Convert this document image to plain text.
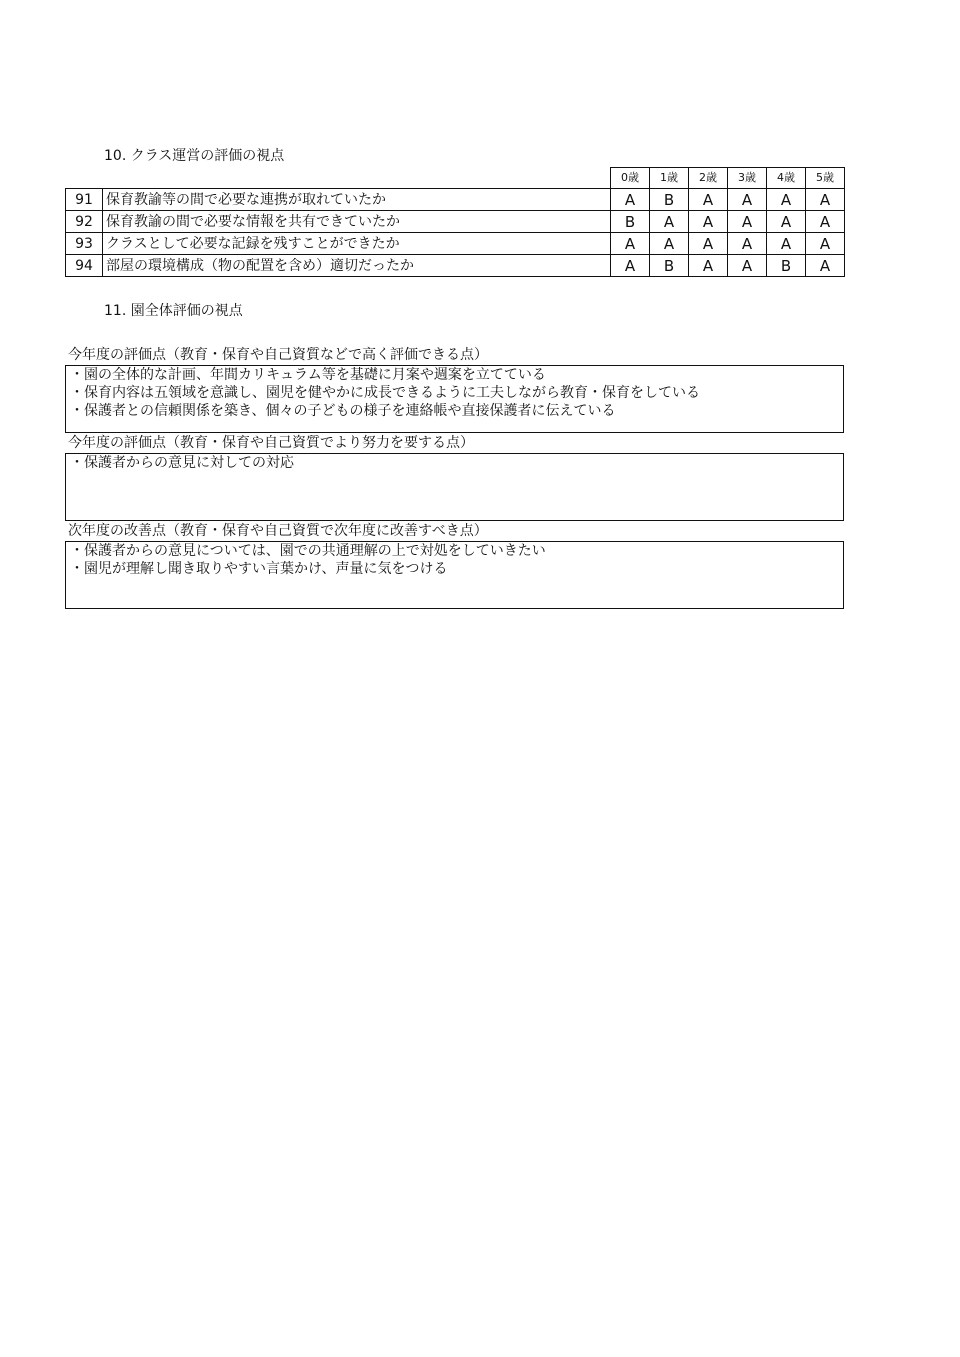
10. クラス運営の評価の視点
		0歳	1歳	2歳	3歳	4歳	5歳
91	保育教諭等の間で必要な連携が取れていたか	A	B	A	A	A	A
92	保育教諭の間で必要な情報を共有できていたか	B	A	A	A	A	A
93	クラスとして必要な記録を残すことができたか	A	A	A	A	A	A
94	部屋の環境構成（物の配置を含め）適切だったか	A	B	A	A	B	A
11. 園全体評価の視点
今年度の評価点（教育・保育や自己資質などで高く評価できる点）
・園の全体的な計画、年間カリキュラム等を基礎に月案や週案を立てている
・保育内容は五領域を意識し、園児を健やかに成長できるように工夫しながら教育・保育をしている
・保護者との信頼関係を築き、個々の子どもの様子を連絡帳や直接保護者に伝えている
今年度の評価点（教育・保育や自己資質でより努力を要する点）
・保護者からの意見に対しての対応
次年度の改善点（教育・保育や自己資質で次年度に改善すべき点）
・保護者からの意見については、園での共通理解の上で対処をしていきたい
・園児が理解し聞き取りやすい言葉かけ、声量に気をつける
